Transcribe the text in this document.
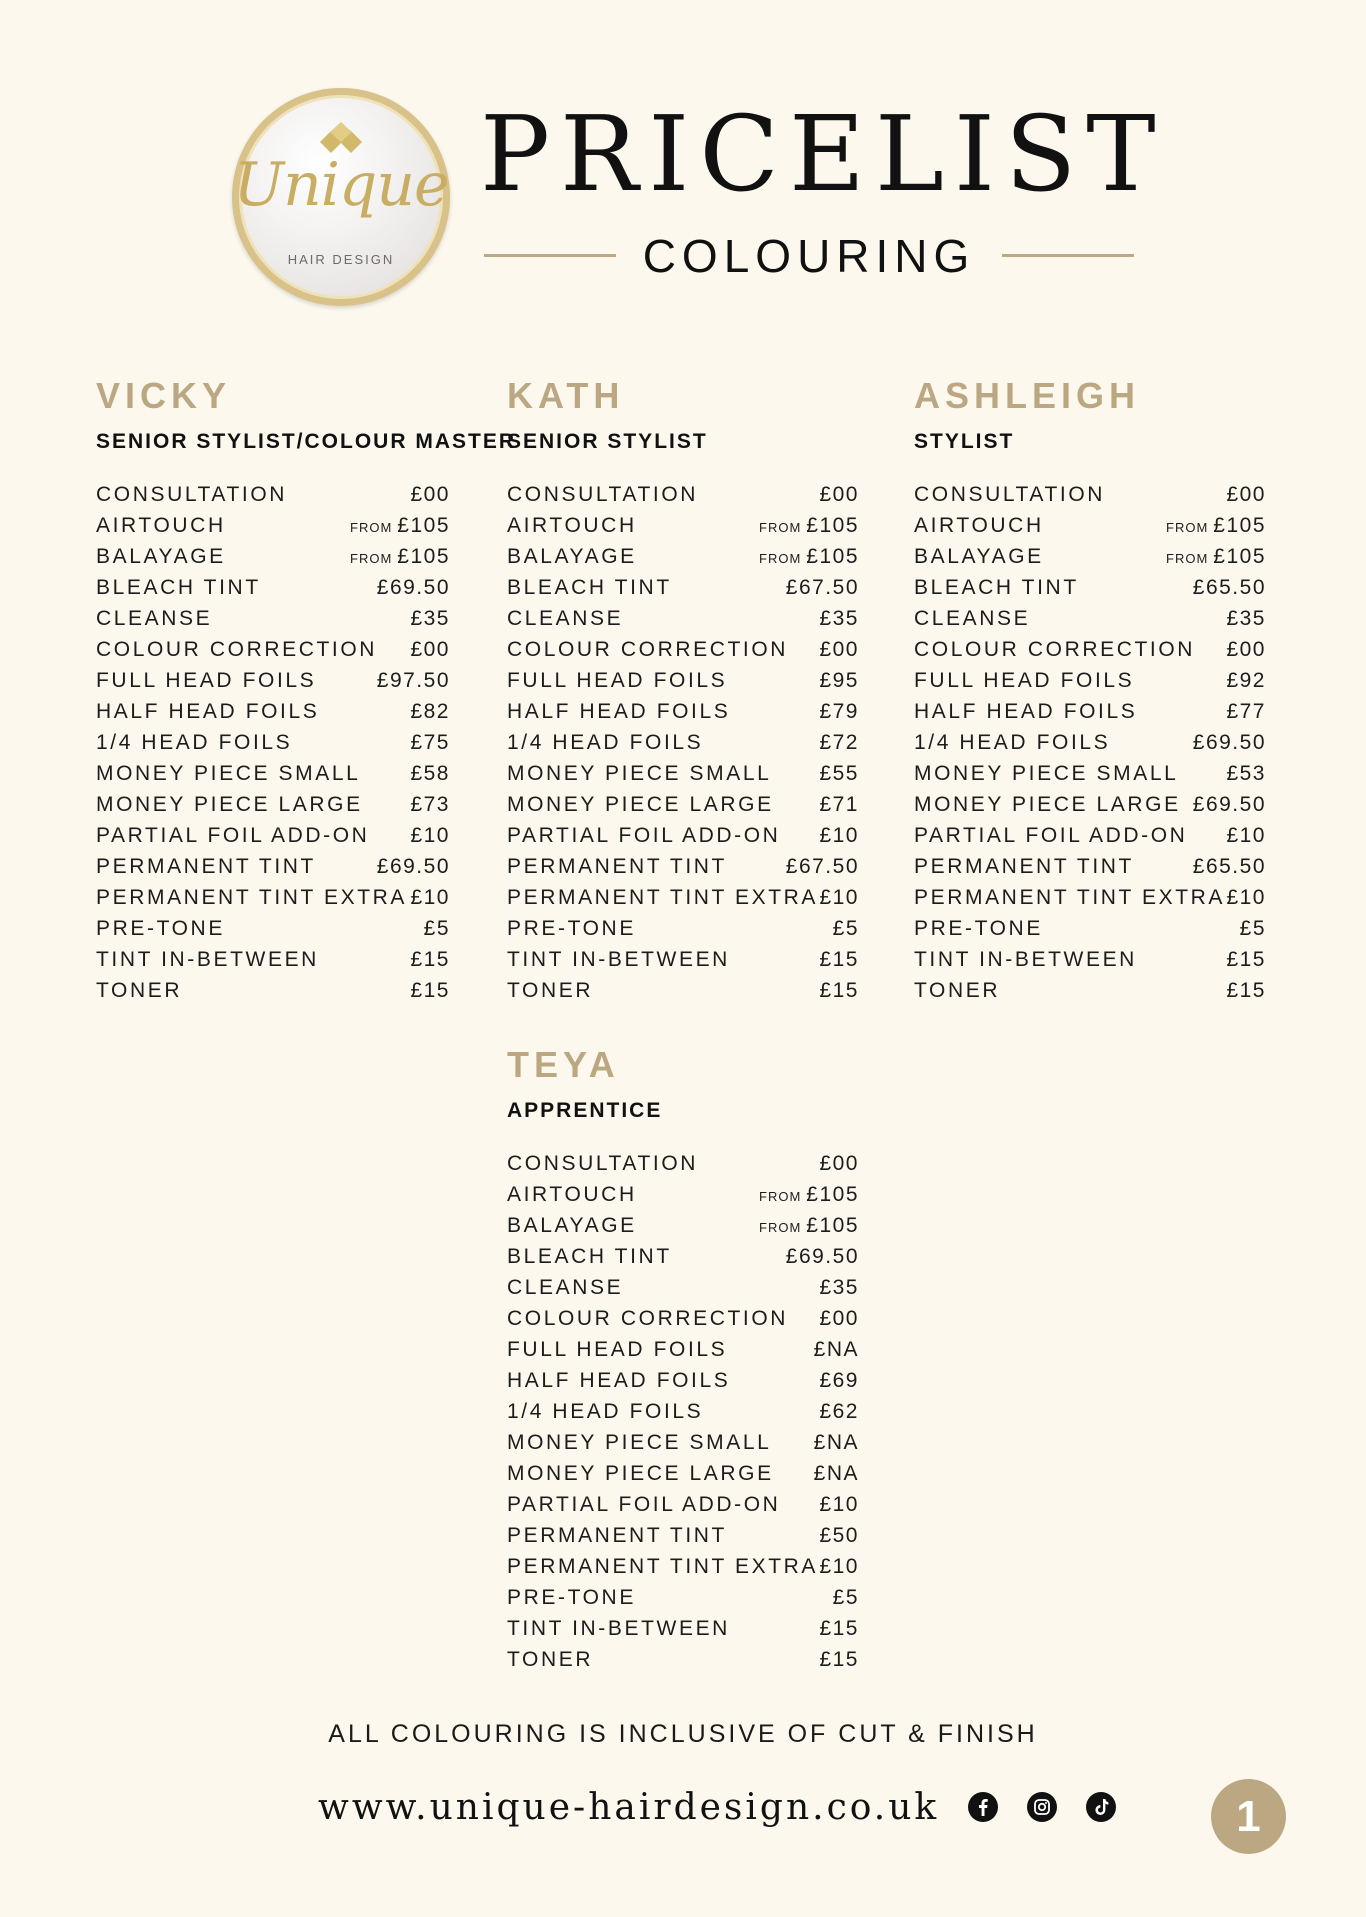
Unique
HAIR DESIGN
PRICELIST
COLOURING
VICKY
SENIOR STYLIST/COLOUR MASTER
CONSULTATION	£00
AIRTOUCH	FROM £105
BALAYAGE	FROM £105
BLEACH TINT	£69.50
CLEANSE	£35
COLOUR CORRECTION £00
FULL HEAD FOILS	£97.50
HALF HEAD FOILS	£82
1/4 HEAD FOILS	£75
MONEY PIECE SMALL £58
MONEY PIECE LARGE £73
PARTIAL FOIL ADD-ON £10
PERMANENT TINT	£69.50
PERMANENT TINT EXTRA £10
PRE-TONE	£5
TINT IN-BETWEEN	£15
TONER	£15
KATH
SENIOR STYLIST
CONSULTATION	£00
AIRTOUCH	FROM £105
BALAYAGE	FROM £105
BLEACH TINT	£67.50
CLEANSE	£35
COLOUR CORRECTION £00
FULL HEAD FOILS	£95
HALF HEAD FOILS	£79
1/4 HEAD FOILS	£72
MONEY PIECE SMALL £55
MONEY PIECE LARGE £71
PARTIAL FOIL ADD-ON £10
PERMANENT TINT	£67.50
PERMANENT TINT EXTRA £10
PRE-TONE	£5
TINT IN-BETWEEN	£15
TONER	£15
ASHLEIGH
STYLIST
CONSULTATION	£00
AIRTOUCH	FROM £105
BALAYAGE	FROM £105
BLEACH TINT	£65.50
CLEANSE	£35
COLOUR CORRECTION £00
FULL HEAD FOILS	£92
HALF HEAD FOILS	£77
1/4 HEAD FOILS	£69.50
MONEY PIECE SMALL £53
MONEY PIECE LARGE £69.50
PARTIAL FOIL ADD-ON £10
PERMANENT TINT	£65.50
PERMANENT TINT EXTRA £10
PRE-TONE	£5
TINT IN-BETWEEN	£15
TONER	£15
TEYA
APPRENTICE
CONSULTATION	£00
AIRTOUCH	FROM £105
BALAYAGE	FROM £105
BLEACH TINT	£69.50
CLEANSE	£35
COLOUR CORRECTION £00
FULL HEAD FOILS	£NA
HALF HEAD FOILS	£69
1/4 HEAD FOILS	£62
MONEY PIECE SMALL £NA
MONEY PIECE LARGE £NA
PARTIAL FOIL ADD-ON £10
PERMANENT TINT	£50
PERMANENT TINT EXTRA £10
PRE-TONE	£5
TINT IN-BETWEEN	£15
TONER	£15
ALL COLOURING IS INCLUSIVE OF CUT & FINISH
www.unique-hairdesign.co.uk	1
